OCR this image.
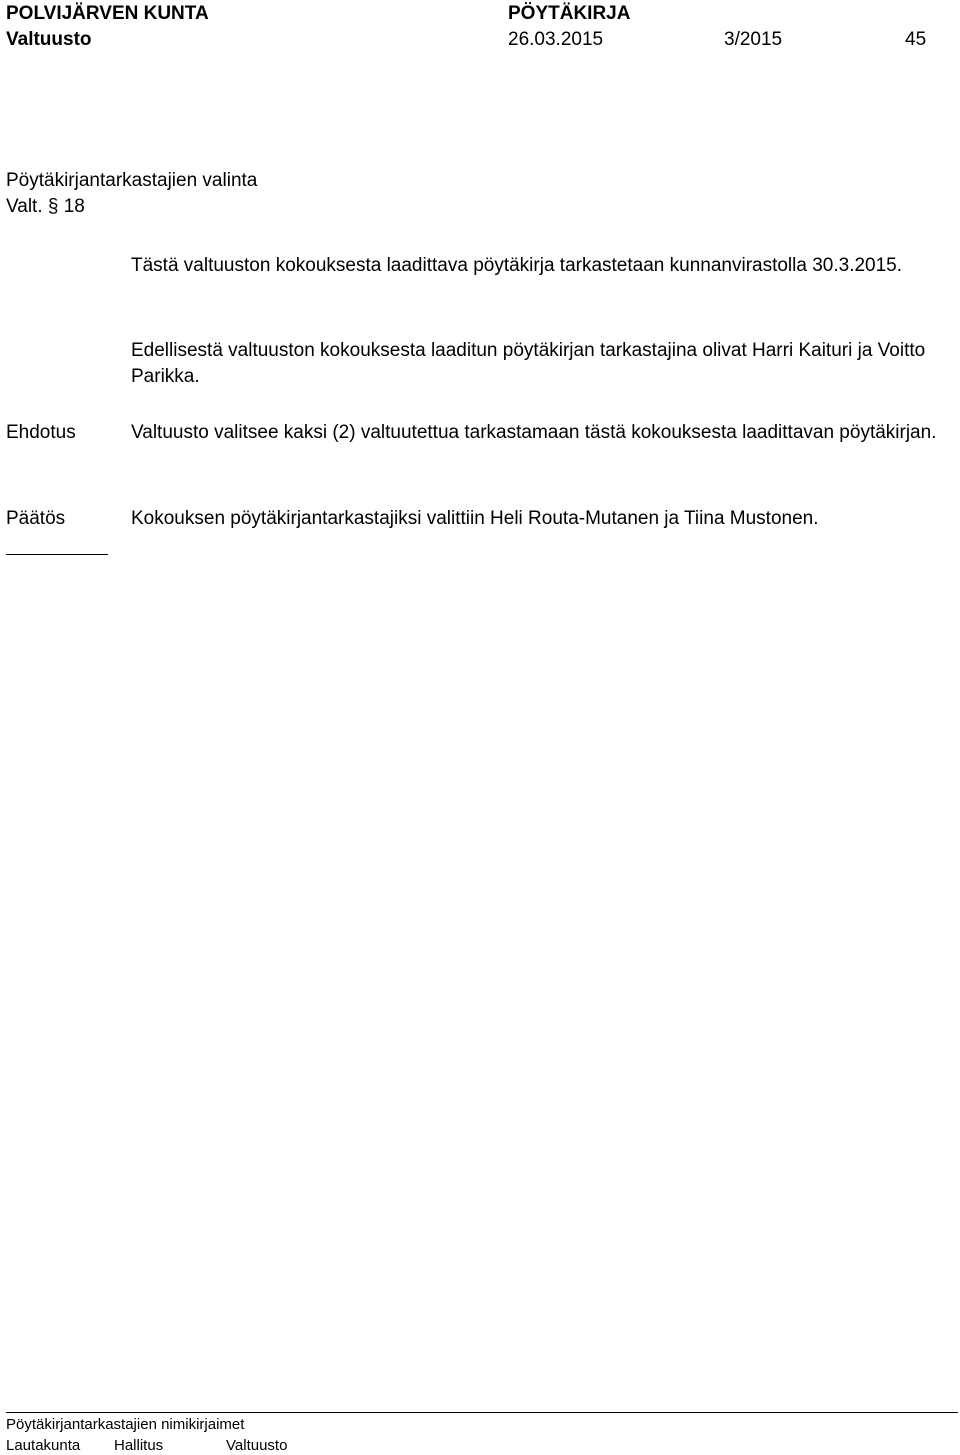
POLVIJÄRVEN KUNTA	PÖYTÄKIRJA
Valtuusto	26.03.2015	3/2015	45
Pöytäkirjantarkastajien valinta
Valt. § 18
Tästä valtuuston kokouksesta laadittava pöytäkirja tarkastetaan kunnanvirastolla 30.3.2015.
Edellisestä valtuuston kokouksesta laaditun pöytäkirjan tarkastajina olivat Harri Kaituri ja Voitto Parikka.
Ehdotus	Valtuusto valitsee kaksi (2) valtuutettua tarkastamaan tästä kokouksesta laadittavan pöytäkirjan.
Päätös	Kokouksen pöytäkirjantarkastajiksi valittiin Heli Routa-Mutanen ja Tiina Mustonen.
Pöytäkirjantarkastajien nimikirjaimet
Lautakunta Hallitus	Valtuusto
